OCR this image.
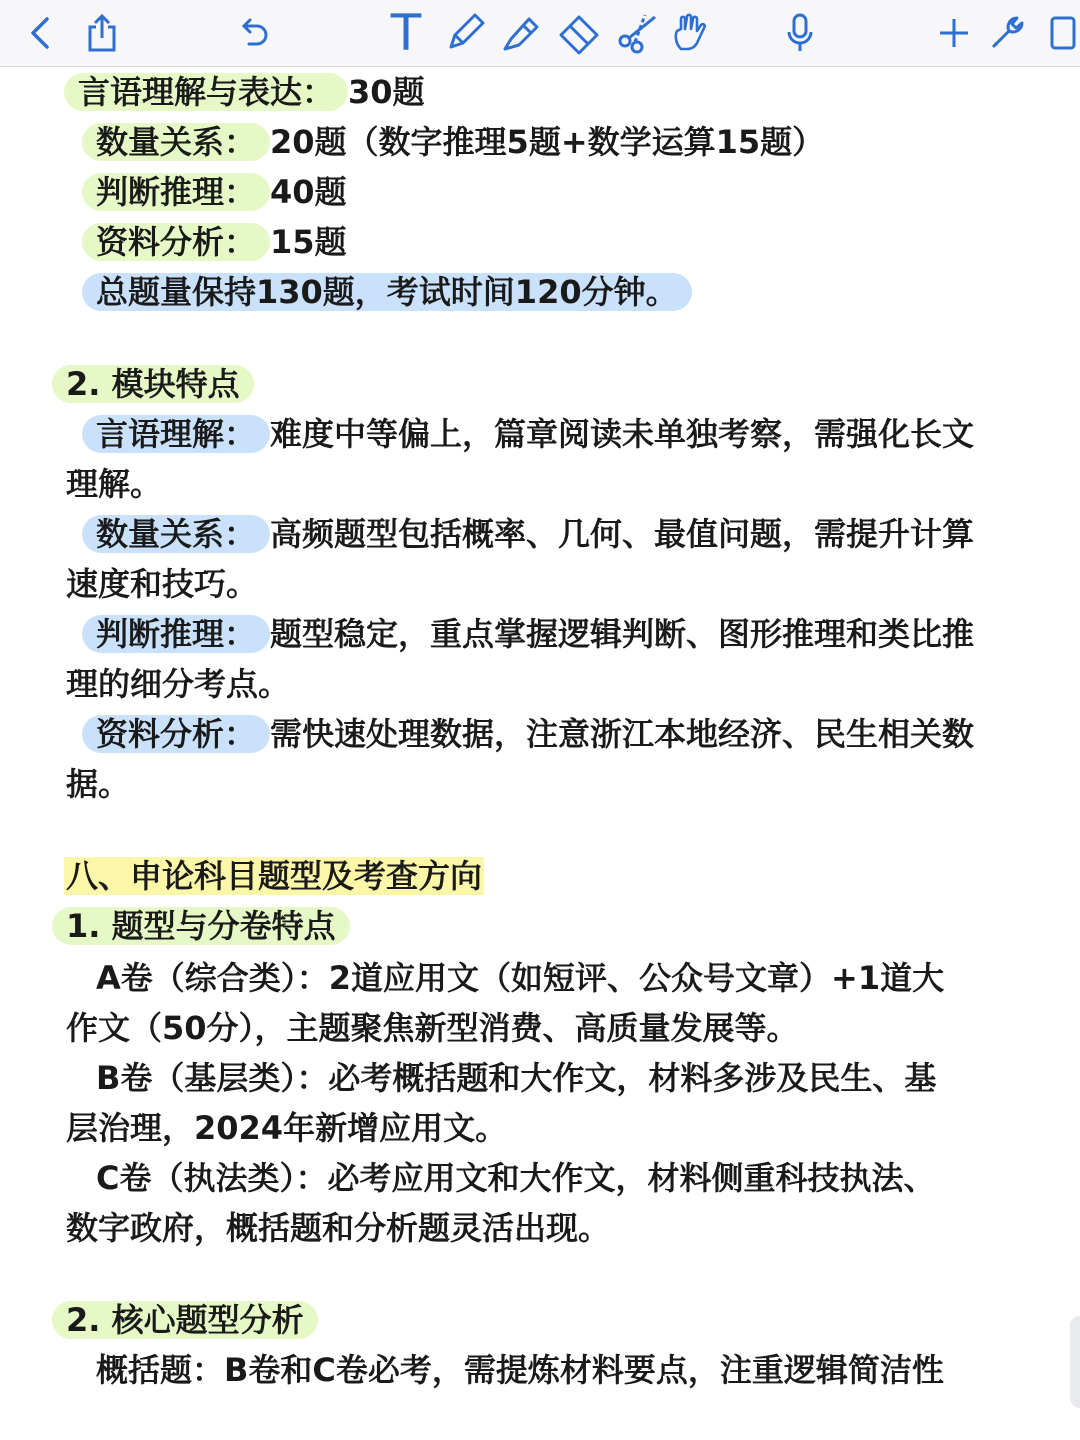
T
言语理解与表达： 30题
数量关系： 20题（数字推理5题+数学运算15题）
判断推理： 40题
资料分析： 15题
总题量保持130题，考试时间120分钟。
2. 模块特点
言语理解： 难度中等偏上，篇章阅读未单独考察，需强化长文
理解。
数量关系： 高频题型包括概率、几何、最值问题，需提升计算
速度和技巧。
判断推理： 题型稳定，重点掌握逻辑判断、图形推理和类比推
理的细分考点。
资料分析： 需快速处理数据，注意浙江本地经济、民生相关数
据。
八、申论科目题型及考查方向
1. 题型与分卷特点
A卷（综合类）：2道应用文（如短评、公众号文章）+1道大
作文（50分），主题聚焦新型消费、高质量发展等。
B卷（基层类）：必考概括题和大作文，材料多涉及民生、基
层治理，2024年新增应用文。
C卷（执法类）：必考应用文和大作文，材料侧重科技执法、
数字政府，概括题和分析题灵活出现。
2. 核心题型分析
概括题：B卷和C卷必考，需提炼材料要点，注重逻辑简洁性
